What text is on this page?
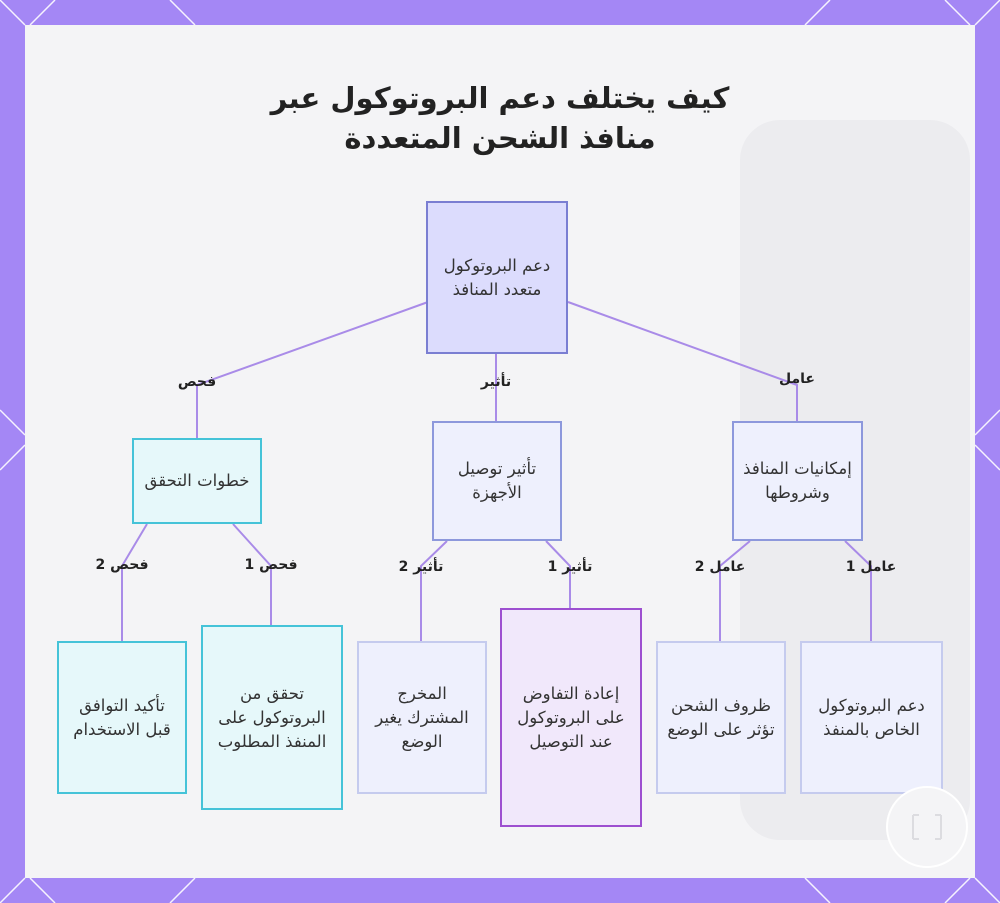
كيف يختلف دعم البروتوكول عبر
منافذ الشحن المتعددة
دعم البروتوكول متعدد المنافذ
خطوات التحقق
تأثير توصيل الأجهزة
إمكانيات المنافذ وشروطها
تأكيد التوافق قبل الاستخدام
تحقق من البروتوكول على المنفذ المطلوب
المخرج المشترك يغير الوضع
إعادة التفاوض على البروتوكول عند التوصيل
ظروف الشحن تؤثر على الوضع
دعم البروتوكول الخاص بالمنفذ
فحص	تأثير	عامل
فحص 2	فحص 1	تأثير 2	تأثير 1	عامل 2	عامل 1
